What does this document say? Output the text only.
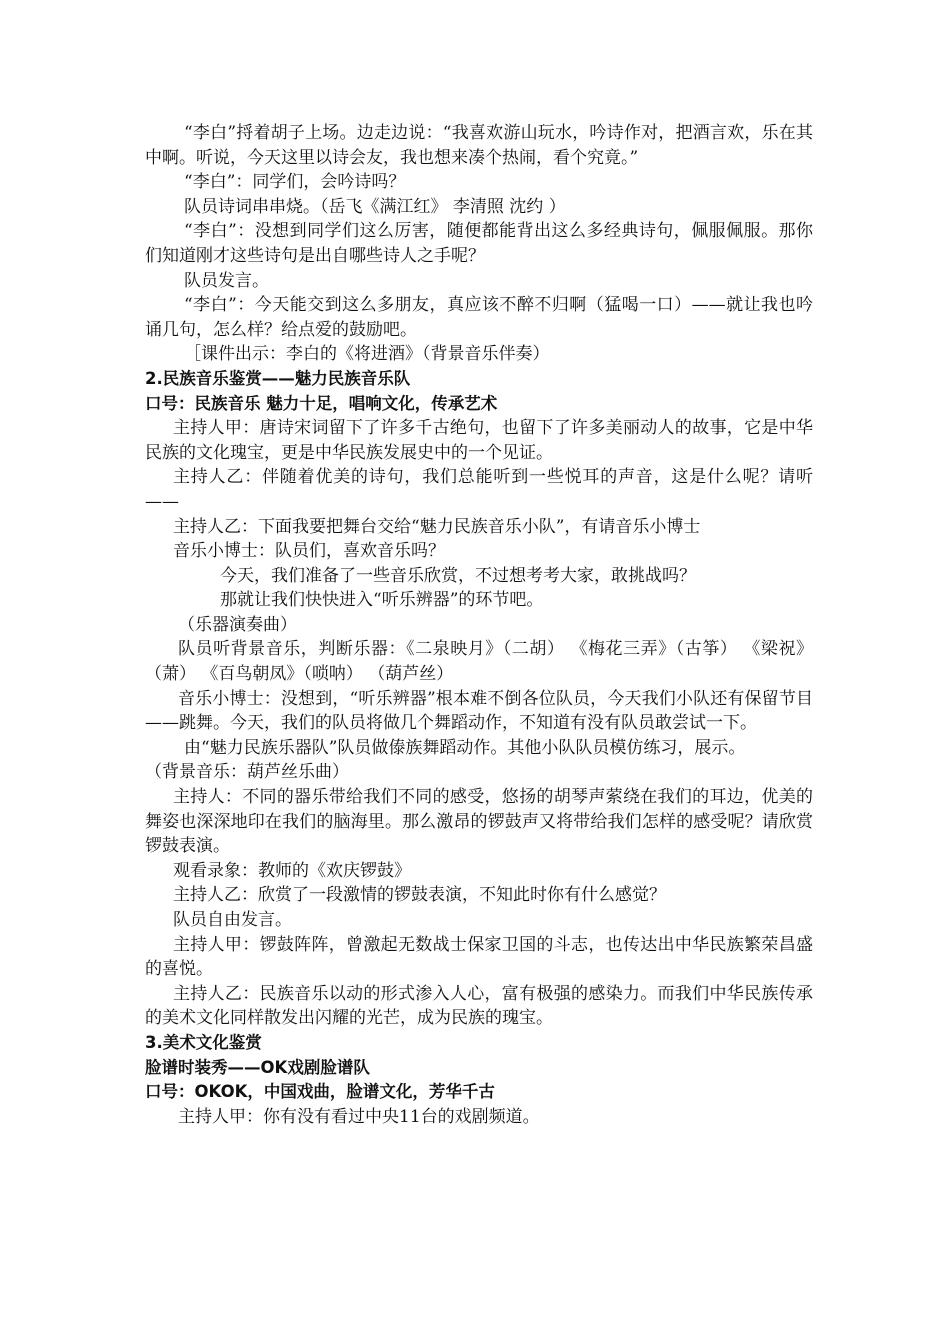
“李白”捋着胡子上场。边走边说：“我喜欢游山玩水，吟诗作对，把酒言欢，乐在其中啊。听说，今天这里以诗会友，我也想来凑个热闹，看个究竟。”

“李白”：同学们，会吟诗吗？

队员诗词串串烧。（岳飞《满江红》 李清照 沈约 ）

“李白”：没想到同学们这么厉害，随便都能背出这么多经典诗句，佩服佩服。那你们知道刚才这些诗句是出自哪些诗人之手呢？

队员发言。

“李白”：今天能交到这么多朋友，真应该不醉不归啊（猛喝一口）——就让我也吟诵几句，怎么样？给点爱的鼓励吧。

［课件出示：李白的《将进酒》（背景音乐伴奏）

2.民族音乐鉴赏——魅力民族音乐队

口号：民族音乐 魅力十足，唱响文化，传承艺术

主持人甲：唐诗宋词留下了许多千古绝句，也留下了许多美丽动人的故事，它是中华民族的文化瑰宝，更是中华民族发展史中的一个见证。

主持人乙：伴随着优美的诗句，我们总能听到一些悦耳的声音，这是什么呢？请听——

主持人乙：下面我要把舞台交给“魅力民族音乐小队”，有请音乐小博士

音乐小博士：队员们，喜欢音乐吗？

今天，我们准备了一些音乐欣赏，不过想考考大家，敢挑战吗？

那就让我们快快进入“听乐辨器”的环节吧。

（乐器演奏曲）

队员听背景音乐，判断乐器：《二泉映月》（二胡） 《梅花三弄》（古筝） 《梁祝》（萧） 《百鸟朝凤》（唢呐） （葫芦丝）

音乐小博士：没想到，“听乐辨器”根本难不倒各位队员，今天我们小队还有保留节目——跳舞。今天，我们的队员将做几个舞蹈动作，不知道有没有队员敢尝试一下。

由“魅力民族乐器队”队员做傣族舞蹈动作。其他小队队员模仿练习，展示。

（背景音乐：葫芦丝乐曲）

主持人：不同的器乐带给我们不同的感受，悠扬的胡琴声萦绕在我们的耳边，优美的舞姿也深深地印在我们的脑海里。那么激昂的锣鼓声又将带给我们怎样的感受呢？请欣赏锣鼓表演。

观看录象：教师的《欢庆锣鼓》

主持人乙：欣赏了一段激情的锣鼓表演，不知此时你有什么感觉？

队员自由发言。

主持人甲：锣鼓阵阵，曾激起无数战士保家卫国的斗志，也传达出中华民族繁荣昌盛的喜悦。

主持人乙：民族音乐以动的形式渗入人心，富有极强的感染力。而我们中华民族传承的美术文化同样散发出闪耀的光芒，成为民族的瑰宝。

3.美术文化鉴赏

脸谱时装秀——OK戏剧脸谱队

口号：OKOK，中国戏曲，脸谱文化，芳华千古

主持人甲：你有没有看过中央11台的戏剧频道。
